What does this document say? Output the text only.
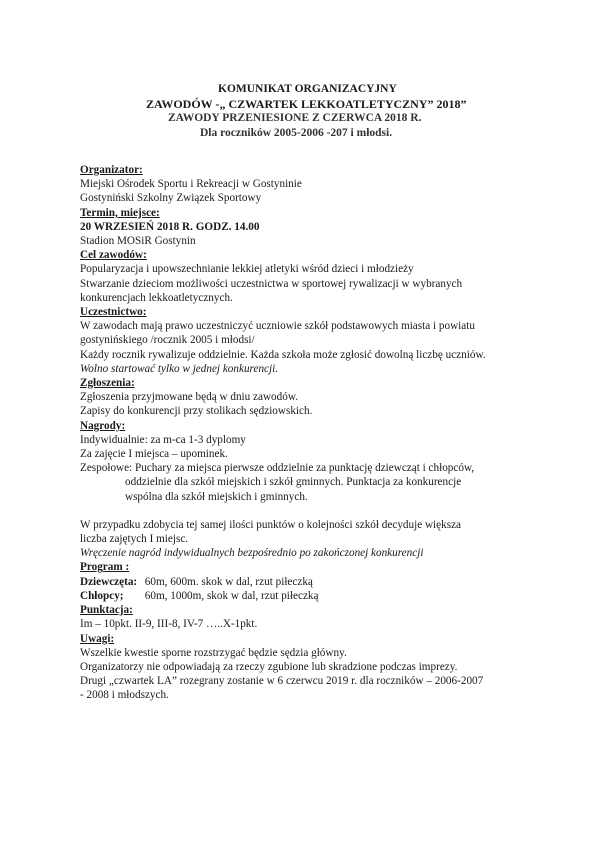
KOMUNIKAT ORGANIZACYJNY
ZAWODÓW -„ CZWARTEK LEKKOATLETYCZNY” 2018”
ZAWODY PRZENIESIONE Z CZERWCA 2018 R.
Dla roczników 2005-2006 -207 i młodsi.
Organizator:
Miejski Ośrodek Sportu i Rekreacji w Gostyninie
Gostyniński Szkolny Związek Sportowy
Termin, miejsce:
20 WRZESIEŃ 2018 R. GODZ. 14.00
Stadion MOSiR Gostynin
Cel zawodów:
Popularyzacja i upowszechnianie lekkiej atletyki wśród dzieci i młodzieży
Stwarzanie dzieciom możliwości uczestnictwa w sportowej rywalizacji w wybranych
konkurencjach lekkoatletycznych.
Uczestnictwo:
W zawodach mają prawo uczestniczyć uczniowie szkół podstawowych miasta i powiatu
gostynińskiego /rocznik 2005 i młodsi/
Każdy rocznik rywalizuje oddzielnie. Każda szkoła może zgłosić dowolną liczbę uczniów.
Wolno startować tylko w jednej konkurencji.
Zgłoszenia:
Zgłoszenia przyjmowane będą w dniu zawodów.
Zapisy do konkurencji przy stolikach sędziowskich.
Nagrody:
Indywidualnie: za m-ca 1-3 dyplomy
Za zajęcie I miejsca – upominek.
Zespołowe: Puchary za miejsca pierwsze oddzielnie za punktację dziewcząt i chłopców,
oddzielnie dla szkół miejskich i szkół gminnych. Punktacja za konkurencje
wspólna dla szkół miejskich i gminnych.
W przypadku zdobycia tej samej ilości punktów o kolejności szkół decyduje większa
liczba zajętych I miejsc.
Wręczenie nagród indywidualnych bezpośrednio po zakończonej konkurencji
Program :
Dziewczęta: 60m, 600m. skok w dal, rzut piłeczką
Chłopcy; 60m, 1000m, skok w dal, rzut piłeczką
Punktacja:
Im – 10pkt. II-9, III-8, IV-7 …..X-1pkt.
Uwagi:
Wszelkie kwestie sporne rozstrzygać będzie sędzia główny.
Organizatorzy nie odpowiadają za rzeczy zgubione lub skradzione podczas imprezy.
Drugi „czwartek LA” rozegrany zostanie w 6 czerwcu 2019 r. dla roczników – 2006-2007
- 2008 i młodszych.
